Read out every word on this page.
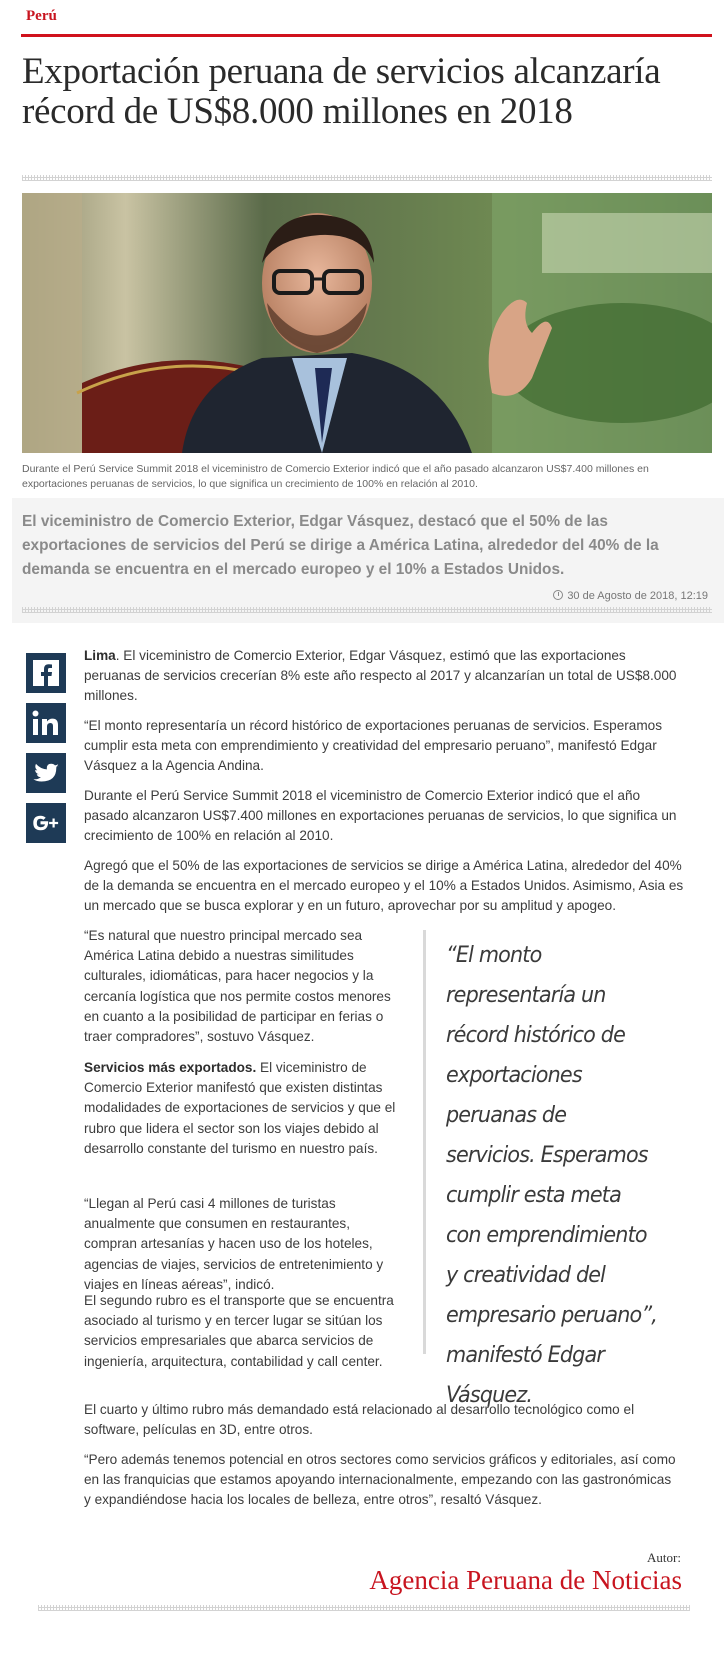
Perú
Exportación peruana de servicios alcanzaría récord de US$8.000 millones en 2018

Durante el Perú Service Summit 2018 el viceministro de Comercio Exterior indicó que el año pasado alcanzaron US$7.400 millones en exportaciones peruanas de servicios, lo que significa un crecimiento de 100% en relación al 2010.

El viceministro de Comercio Exterior, Edgar Vásquez, destacó que el 50% de las exportaciones de servicios del Perú se dirige a América Latina, alrededor del 40% de la demanda se encuentra en el mercado europeo y el 10% a Estados Unidos.

30 de Agosto de 2018, 12:19

Lima. El viceministro de Comercio Exterior, Edgar Vásquez, estimó que las exportaciones peruanas de servicios crecerían 8% este año respecto al 2017 y alcanzarían un total de US$8.000 millones.

“El monto representaría un récord histórico de exportaciones peruanas de servicios. Esperamos cumplir esta meta con emprendimiento y creatividad del empresario peruano”, manifestó Edgar Vásquez a la Agencia Andina.

Durante el Perú Service Summit 2018 el viceministro de Comercio Exterior indicó que el año pasado alcanzaron US$7.400 millones en exportaciones peruanas de servicios, lo que significa un crecimiento de 100% en relación al 2010.

Agregó que el 50% de las exportaciones de servicios se dirige a América Latina, alrededor del 40% de la demanda se encuentra en el mercado europeo y el 10% a Estados Unidos. Asimismo, Asia es un mercado que se busca explorar y en un futuro, aprovechar por su amplitud y apogeo.

“Es natural que nuestro principal mercado sea América Latina debido a nuestras similitudes culturales, idiomáticas, para hacer negocios y la cercanía logística que nos permite costos menores en cuanto a la posibilidad de participar en ferias o traer compradores”, sostuvo Vásquez.

Servicios más exportados. El viceministro de Comercio Exterior manifestó que existen distintas modalidades de exportaciones de servicios y que el rubro que lidera el sector son los viajes debido al desarrollo constante del turismo en nuestro país.

“Llegan al Perú casi 4 millones de turistas anualmente que consumen en restaurantes, compran artesanías y hacen uso de los hoteles, agencias de viajes, servicios de entretenimiento y viajes en líneas aéreas”, indicó.

El segundo rubro es el transporte que se encuentra asociado al turismo y en tercer lugar se sitúan los servicios empresariales que abarca servicios de ingeniería, arquitectura, contabilidad y call center.

El cuarto y último rubro más demandado está relacionado al desarrollo tecnológico como el software, películas en 3D, entre otros.

“Pero además tenemos potencial en otros sectores como servicios gráficos y editoriales, así como en las franquicias que estamos apoyando internacionalmente, empezando con las gastronómicas y expandiéndose hacia los locales de belleza, entre otros”, resaltó Vásquez.

“El monto representaría un récord histórico de exportaciones peruanas de servicios. Esperamos cumplir esta meta con emprendimiento y creatividad del empresario peruano”, manifestó Edgar Vásquez.
Autor:
Agencia Peruana de Noticias
